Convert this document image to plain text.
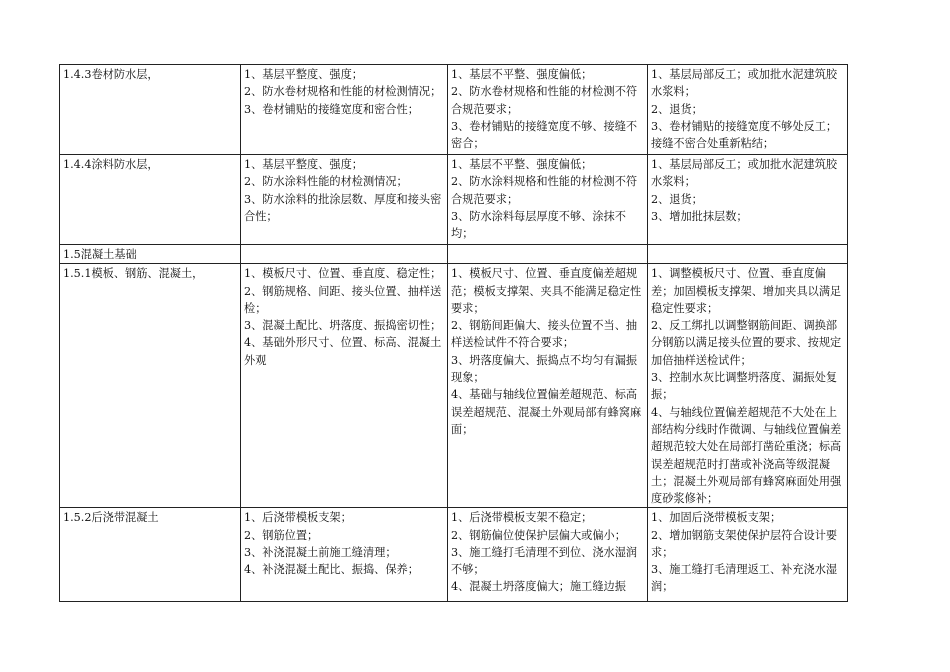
1.4.3卷材防水层，	1、基层平整度、强度；
2、防水卷材规格和性能的材检测情况；
3、卷材铺贴的接缝宽度和密合性；	1、基层不平整、强度偏低；
2、防水卷材规格和性能的材检测不符合规范要求；
3、卷材铺贴的接缝宽度不够、接缝不密合；	1、基层局部反工；或加批水泥建筑胶水浆料；
2、退货；
3、卷材铺贴的接缝宽度不够处反工；接缝不密合处重新粘结；

1.4.4涂料防水层，	1、基层平整度、强度；
2、防水涂料性能的材检测情况；
3、防水涂料的批涂层数、厚度和接头密合性；	1、基层不平整、强度偏低；
2、防水涂料规格和性能的材检测不符合规范要求；
3、防水涂料每层厚度不够、涂抹不均；	1、基层局部反工；或加批水泥建筑胶水浆料；
2、退货；
3、增加批抹层数；

1.5混凝土基础			
1.5.1模板、钢筋、混凝土，	1、模板尺寸、位置、垂直度、稳定性；
2、钢筋规格、间距、接头位置、抽样送检；
3、混凝土配比、坍落度、振捣密切性；
4、基础外形尺寸、位置、标高、混凝土外观	1、模板尺寸、位置、垂直度偏差超规范；模板支撑架、夹具不能满足稳定性要求；
2、钢筋间距偏大、接头位置不当、抽样送检试件不符合要求；
3、坍落度偏大、振捣点不均匀有漏振现象；
4、基础与轴线位置偏差超规范、标高误差超规范、混凝土外观局部有蜂窝麻面；	1、调整模板尺寸、位置、垂直度偏差；加固模板支撑架、增加夹具以满足稳定性要求；
2、反工绑扎以调整钢筋间距、调换部分钢筋以满足接头位置的要求、按规定加倍抽样送检试件；
3、控制水灰比调整坍落度、漏振处复振；
4、与轴线位置偏差超规范不大处在上部结构分线时作微调、与轴线位置偏差超规范较大处在局部打凿砼重浇；标高误差超规范时打凿或补浇高等级混凝土；混凝土外观局部有蜂窝麻面处用强度砂浆修补；

1.5.2后浇带混凝土	1、后浇带模板支架；
2、钢筋位置；
3、补浇混凝土前施工缝清理；
4、补浇混凝土配比、振捣、保养；	1、后浇带模板支架不稳定；
2、钢筋偏位使保护层偏大或偏小；
3、施工缝打毛清理不到位、浇水湿润不够；
4、混凝土坍落度偏大；施工缝边振	1、加固后浇带模板支架；
2、增加钢筋支架使保护层符合设计要求；
3、施工缝打毛清理返工、补充浇水湿润；
